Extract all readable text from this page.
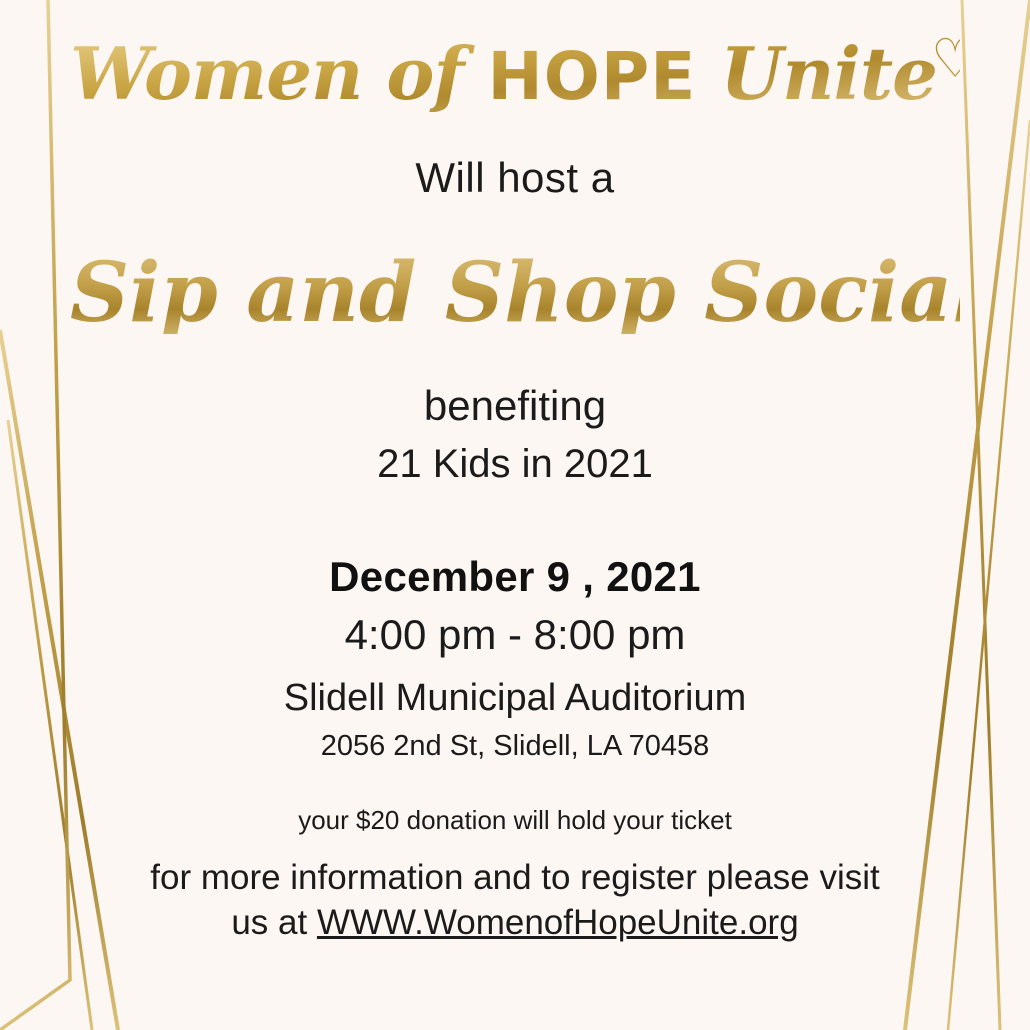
Women of HOPE Unite♡
Will host a
Sip and Shop Social
benefiting
21 Kids in 2021
December 9 , 2021
4:00 pm - 8:00 pm
Slidell Municipal Auditorium
2056 2nd St, Slidell, LA 70458
your $20 donation will hold your ticket
for more information and to register please visit
us at WWW.WomenofHopeUnite.org
